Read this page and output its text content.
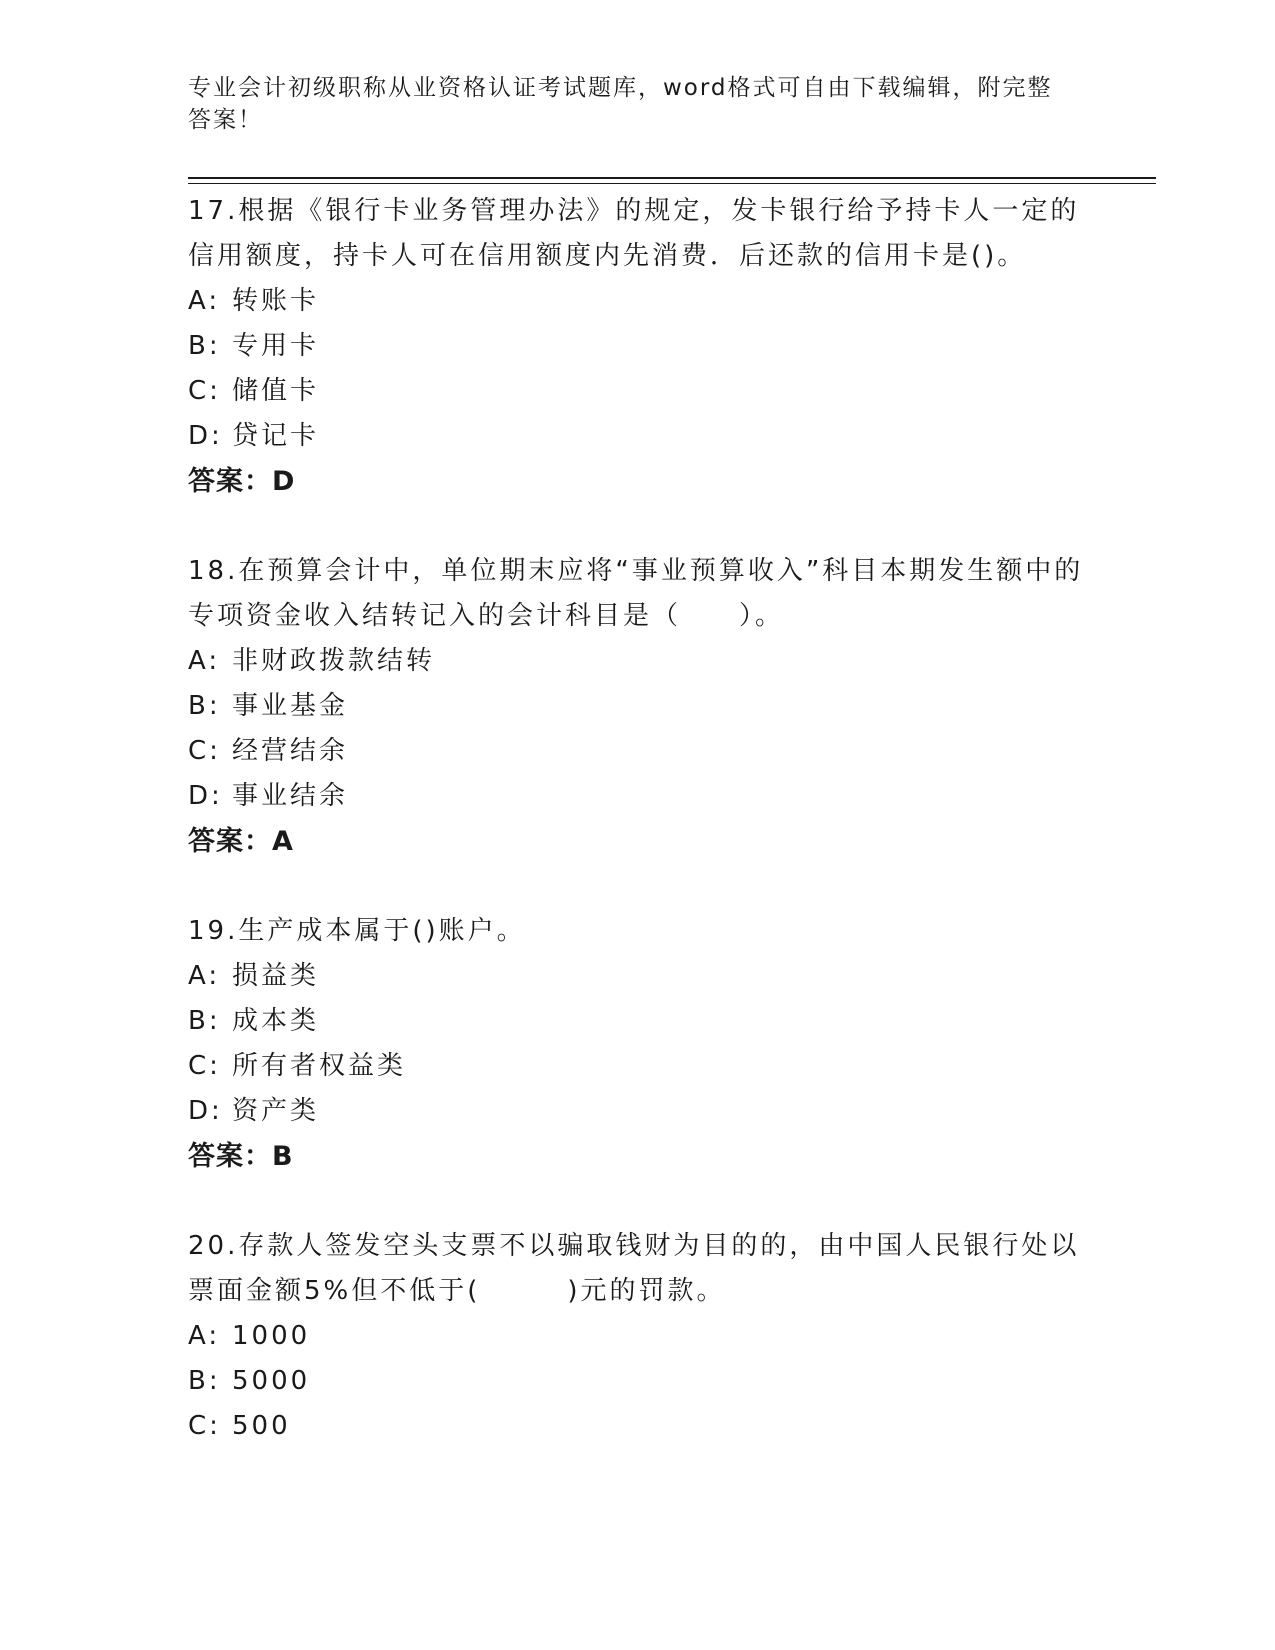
专业会计初级职称从业资格认证考试题库，word格式可自由下载编辑，附完整答案！

17.根据《银行卡业务管理办法》的规定，发卡银行给予持卡人一定的信用额度，持卡人可在信用额度内先消费．后还款的信用卡是()。

A: 转账卡

B: 专用卡

C: 储值卡

D: 贷记卡

答案：D

18.在预算会计中，单位期末应将“事业预算收入”科目本期发生额中的专项资金收入结转记入的会计科目是（　　）。

A: 非财政拨款结转

B: 事业基金

C: 经营结余

D: 事业结余

答案：A

19.生产成本属于()账户。

A: 损益类

B: 成本类

C: 所有者权益类

D: 资产类

答案：B

20.存款人签发空头支票不以骗取钱财为目的的，由中国人民银行处以票面金额5%但不低于(　　　)元的罚款。

A: 1000

B: 5000

C: 500
